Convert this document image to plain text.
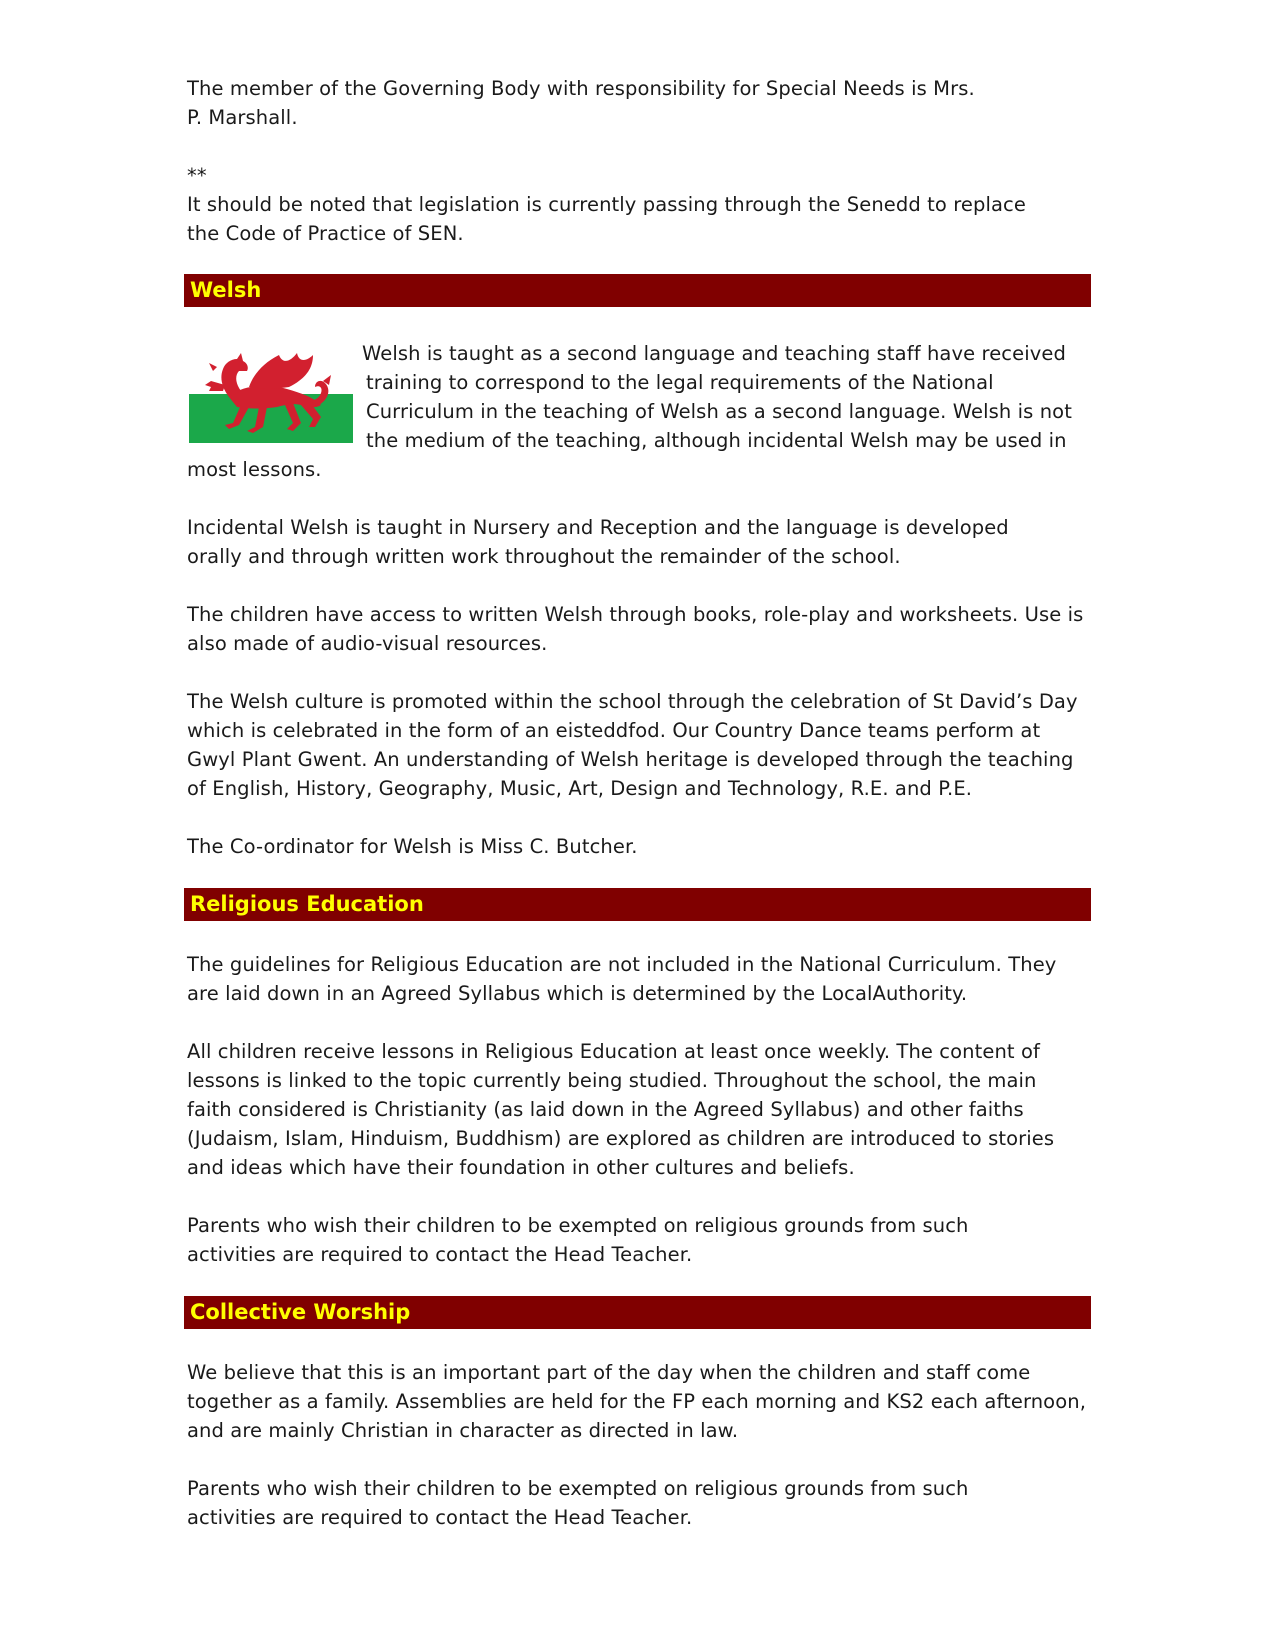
The member of the Governing Body with responsibility for Special Needs is Mrs. P. Marshall.

**

It should be noted that legislation is currently passing through the Senedd to replace the Code of Practice of SEN.

Welsh

Welsh is taught as a second language and teaching staff have received

training to correspond to the legal requirements of the National

Curriculum in the teaching of Welsh as a second language. Welsh is not

the medium of the teaching, although incidental Welsh may be used in

most lessons.

Incidental Welsh is taught in Nursery and Reception and the language is developed orally and through written work throughout the remainder of the school.

The children have access to written Welsh through books, role-play and worksheets. Use is also made of audio-visual resources.

The Welsh culture is promoted within the school through the celebration of St David’s Day which is celebrated in the form of an eisteddfod. Our Country Dance teams perform at Gwyl Plant Gwent. An understanding of Welsh heritage is developed through the teaching of English, History, Geography, Music, Art, Design and Technology, R.E. and P.E.

The Co-ordinator for Welsh is Miss C. Butcher.

Religious Education

The guidelines for Religious Education are not included in the National Curriculum. They are laid down in an Agreed Syllabus which is determined by the LocalAuthority.

All children receive lessons in Religious Education at least once weekly. The content of lessons is linked to the topic currently being studied. Throughout the school, the main faith considered is Christianity (as laid down in the Agreed Syllabus) and other faiths (Judaism, Islam, Hinduism, Buddhism) are explored as children are introduced to stories and ideas which have their foundation in other cultures and beliefs.

Parents who wish their children to be exempted on religious grounds from such activities are required to contact the Head Teacher.

Collective Worship

We believe that this is an important part of the day when the children and staff come together as a family. Assemblies are held for the FP each morning and KS2 each afternoon, and are mainly Christian in character as directed in law.

Parents who wish their children to be exempted on religious grounds from such activities are required to contact the Head Teacher.
